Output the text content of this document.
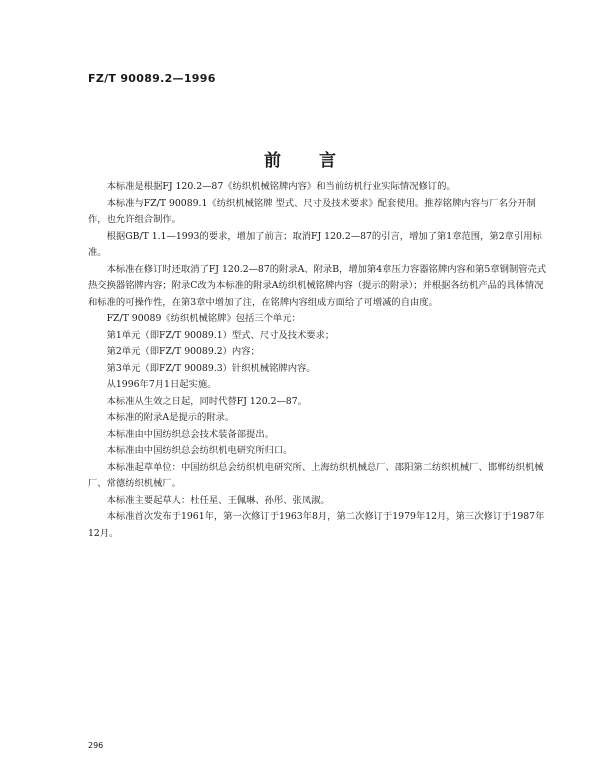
FZ/T 90089.2—1996
前言

本标准是根据FJ 120.2—87《纺织机械铭牌内容》和当前纺机行业实际情况修订的。

本标准与FZ/T 90089.1《纺织机械铭牌 型式、尺寸及技术要求》配套使用。推荐铭牌内容与厂名分开制作，也允许组合制作。

根据GB/T 1.1—1993的要求，增加了前言；取消FJ 120.2—87的引言，增加了第1章范围，第2章引用标准。

本标准在修订时还取消了FJ 120.2—87的附录A、附录B，增加第4章压力容器铭牌内容和第5章钢制管壳式热交换器铭牌内容；附录C改为本标准的附录A纺织机械铭牌内容（提示的附录）；并根据各纺机产品的具体情况和标准的可操作性，在第3章中增加了注，在铭牌内容组成方面给了可增减的自由度。

FZ/T 90089《纺织机械铭牌》包括三个单元：

第1单元（即FZ/T 90089.1）型式、尺寸及技术要求；

第2单元（即FZ/T 90089.2）内容；

第3单元（即FZ/T 90089.3）针织机械铭牌内容。

从1996年7月1日起实施。

本标准从生效之日起，同时代替FJ 120.2—87。

本标准的附录A是提示的附录。

本标准由中国纺织总会技术装备部提出。

本标准由中国纺织总会纺织机电研究所归口。

本标准起草单位：中国纺织总会纺织机电研究所、上海纺织机械总厂、邵阳第二纺织机械厂、邯郸纺织机械厂、常德纺织机械厂。

本标准主要起草人：杜任星、王佩琳、孙彤、张凤淑。

本标准首次发布于1961年，第一次修订于1963年8月，第二次修订于1979年12月，第三次修订于1987年12月。

296
